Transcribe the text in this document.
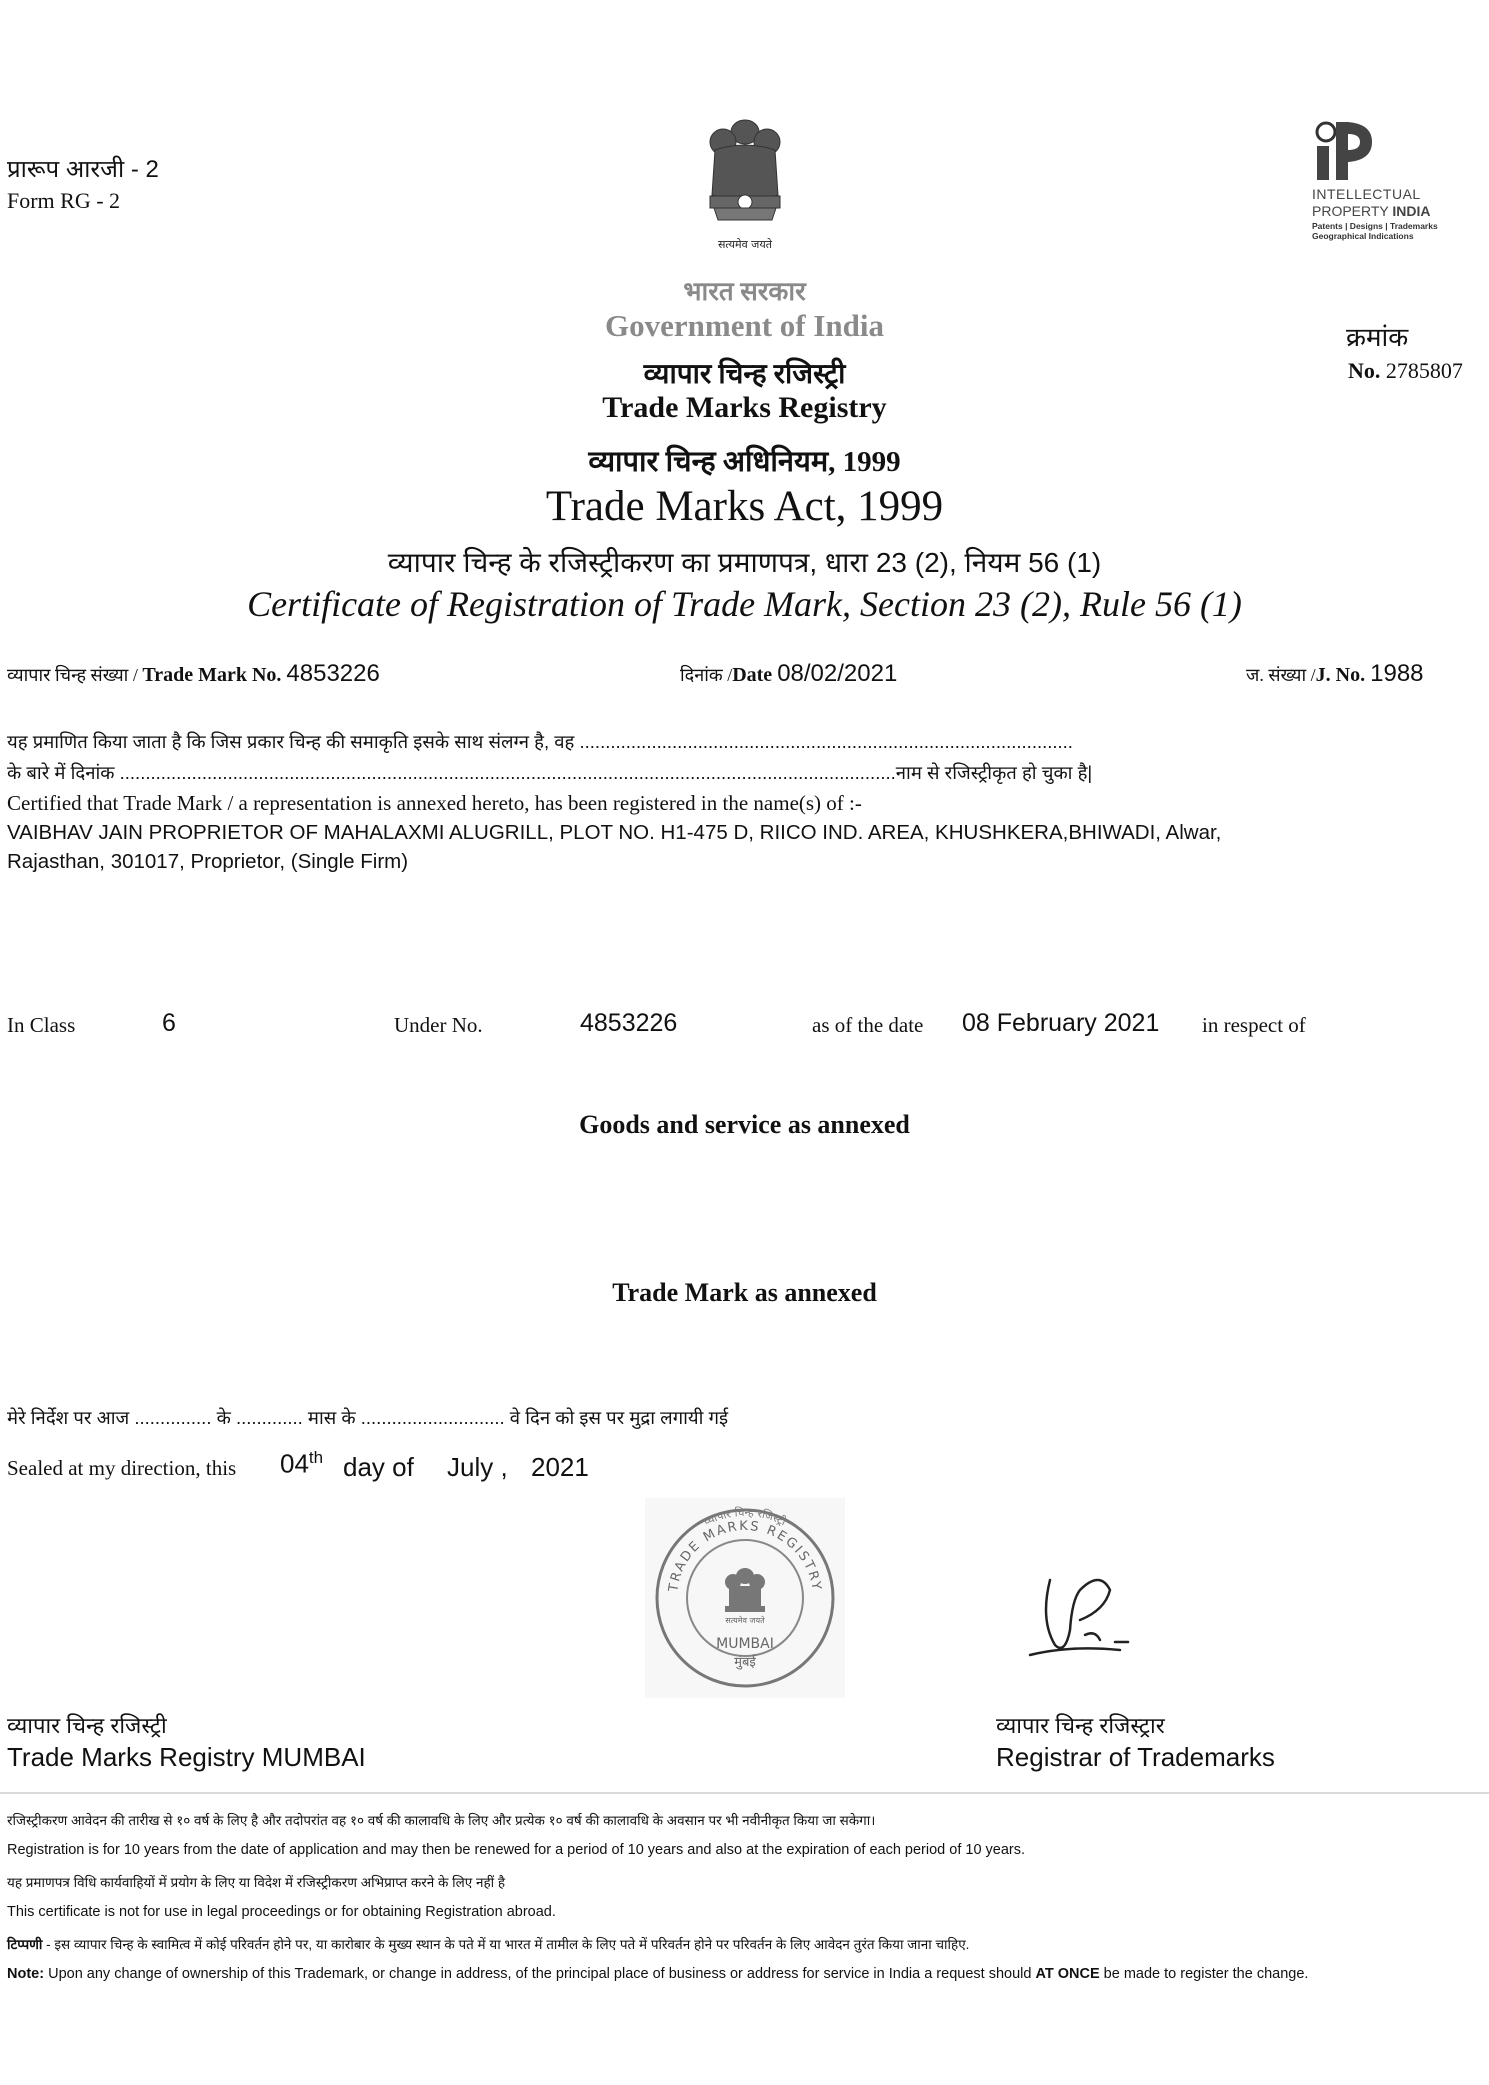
प्रारूप आरजी - 2
Form RG - 2
सत्यमेव जयते
INTELLECTUAL
PROPERTY INDIA
Patents | Designs | Trademarks
Geographical Indications
भारत सरकार
Government of India
व्यापार चिन्ह रजिस्ट्री
Trade Marks Registry
व्यापार चिन्ह अधिनियम, 1999
Trade Marks Act, 1999
व्यापार चिन्ह के रजिस्ट्रीकरण का प्रमाणपत्र, धारा 23 (2), नियम 56 (1)
Certificate of Registration of Trade Mark, Section 23 (2), Rule 56 (1)
क्रमांक
No. 2785807
व्यापार चिन्ह संख्या / Trade Mark No. 4853226	दिनांक /Date 08/02/2021	ज. संख्या /J. No. 1988
यह प्रमाणित किया जाता है कि जिस प्रकार चिन्ह की समाकृति इसके साथ संलग्न है, वह ................................................................................................
के बारे में दिनांक .......................................................................................................................................................नाम से रजिस्ट्रीकृत हो चुका है|
Certified that Trade Mark / a representation is annexed hereto, has been registered in the name(s) of :-
VAIBHAV JAIN PROPRIETOR OF MAHALAXMI ALUGRILL, PLOT NO. H1-475 D, RIICO IND. AREA, KHUSHKERA,BHIWADI, Alwar,
Rajasthan, 301017, Proprietor, (Single Firm)
In Class	6	Under No.	4853226	as of the date 08 February 2021 in respect of
Goods and service as annexed
Trade Mark as annexed
मेरे निर्देश पर आज ............... के ............. मास के ............................ वे दिन को इस पर मुद्रा लगायी गई
Sealed at my direction, this 04th day of July , 2021
TRADE MARKS REGISTRY
व्यापार चिन्ह रजिस्ट्री
सत्यमेव जयते
MUMBAI
मुंबई
व्यापार चिन्ह रजिस्ट्री
Trade Marks Registry MUMBAI
व्यापार चिन्ह रजिस्ट्रार
Registrar of Trademarks
रजिस्ट्रीकरण आवेदन की तारीख से १० वर्ष के लिए है और तदोपरांत वह १० वर्ष की कालावधि के लिए और प्रत्येक १० वर्ष की कालावधि के अवसान पर भी नवीनीकृत किया जा सकेगा।
Registration is for 10 years from the date of application and may then be renewed for a period of 10 years and also at the expiration of each period of 10 years.
यह प्रमाणपत्र विधि कार्यवाहियों में प्रयोग के लिए या विदेश में रजिस्ट्रीकरण अभिप्राप्त करने के लिए नहीं है
This certificate is not for use in legal proceedings or for obtaining Registration abroad.
टिप्पणी - इस व्यापार चिन्ह के स्वामित्व में कोई परिवर्तन होने पर, या कारोबार के मुख्य स्थान के पते में या भारत में तामील के लिए पते में परिवर्तन होने पर परिवर्तन के लिए आवेदन तुरंत किया जाना चाहिए.
Note: Upon any change of ownership of this Trademark, or change in address, of the principal place of business or address for service in India a request should AT ONCE be made to register the change.
